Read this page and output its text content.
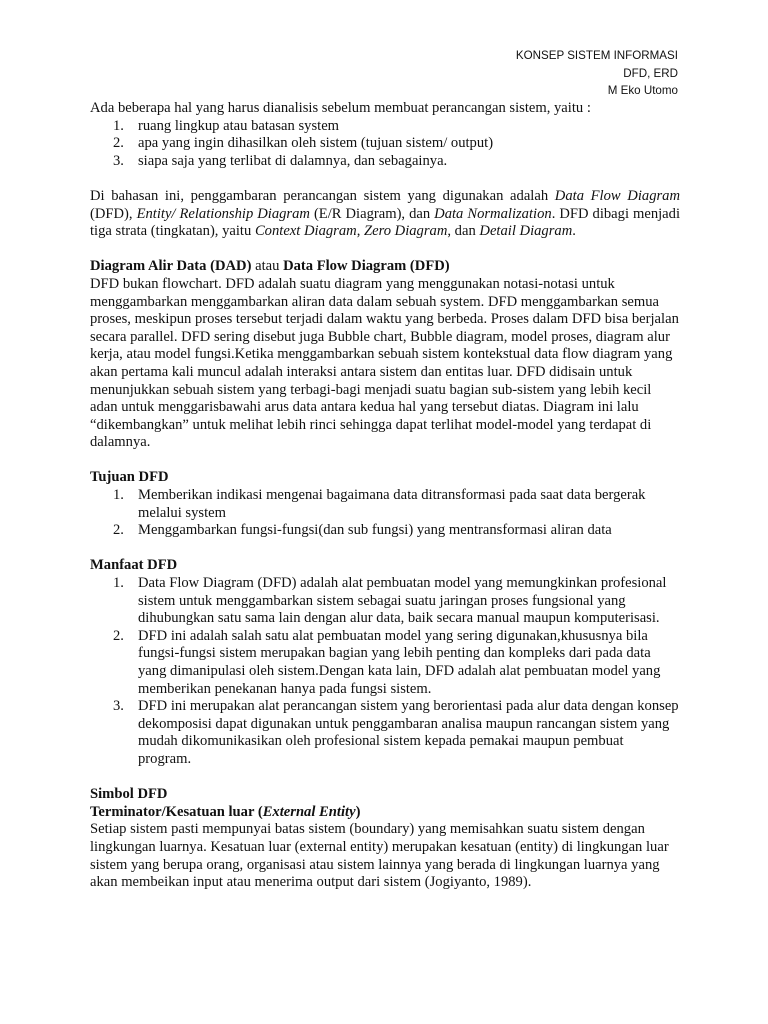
KONSEP SISTEM INFORMASI
DFD, ERD
M Eko Utomo

Ada beberapa hal yang harus dianalisis sebelum membuat perancangan sistem, yaitu :

1. ruang lingkup atau batasan system
2. apa yang ingin dihasilkan oleh sistem (tujuan sistem/ output)
3. siapa saja yang terlibat di dalamnya, dan sebagainya.

Di bahasan ini, penggambaran perancangan sistem yang digunakan adalah Data Flow Diagram (DFD), Entity/ Relationship Diagram (E/R Diagram), dan Data Normalization. DFD dibagi menjadi tiga strata (tingkatan), yaitu Context Diagram, Zero Diagram, dan Detail Diagram.

Diagram Alir Data (DAD) atau Data Flow Diagram (DFD)

DFD bukan flowchart. DFD adalah suatu diagram yang menggunakan notasi-notasi untuk menggambarkan menggambarkan aliran data dalam sebuah system. DFD menggambarkan semua proses, meskipun proses tersebut terjadi dalam waktu yang berbeda. Proses dalam DFD bisa berjalan secara parallel. DFD sering disebut juga Bubble chart, Bubble diagram, model proses, diagram alur kerja, atau model fungsi.Ketika menggambarkan sebuah sistem kontekstual data flow diagram yang akan pertama kali muncul adalah interaksi antara sistem dan entitas luar. DFD didisain untuk menunjukkan sebuah sistem yang terbagi-bagi menjadi suatu bagian sub-sistem yang lebih kecil adan untuk menggarisbawahi arus data antara kedua hal yang tersebut diatas. Diagram ini lalu “dikembangkan” untuk melihat lebih rinci sehingga dapat terlihat model-model yang terdapat di dalamnya.

Tujuan DFD

1. Memberikan indikasi mengenai bagaimana data ditransformasi pada saat data bergerak melalui system
2. Menggambarkan fungsi-fungsi(dan sub fungsi) yang mentransformasi aliran data

Manfaat DFD

1. Data Flow Diagram (DFD) adalah alat pembuatan model yang memungkinkan profesional sistem untuk menggambarkan sistem sebagai suatu jaringan proses fungsional yang dihubungkan satu sama lain dengan alur data, baik secara manual maupun komputerisasi.
2. DFD ini adalah salah satu alat pembuatan model yang sering digunakan,khususnya bila fungsi-fungsi sistem merupakan bagian yang lebih penting dan kompleks dari pada data yang dimanipulasi oleh sistem.Dengan kata lain, DFD adalah alat pembuatan model yang memberikan penekanan hanya pada fungsi sistem.
3. DFD ini merupakan alat perancangan sistem yang berorientasi pada alur data dengan konsep dekomposisi dapat digunakan untuk penggambaran analisa maupun rancangan sistem yang mudah dikomunikasikan oleh profesional sistem kepada pemakai maupun pembuat program.

Simbol DFD

Terminator/Kesatuan luar (External Entity)

Setiap sistem pasti mempunyai batas sistem (boundary) yang memisahkan suatu sistem dengan lingkungan luarnya. Kesatuan luar (external entity) merupakan kesatuan (entity) di lingkungan luar sistem yang berupa orang, organisasi atau sistem lainnya yang berada di lingkungan luarnya yang akan membeikan input atau menerima output dari sistem (Jogiyanto, 1989).
